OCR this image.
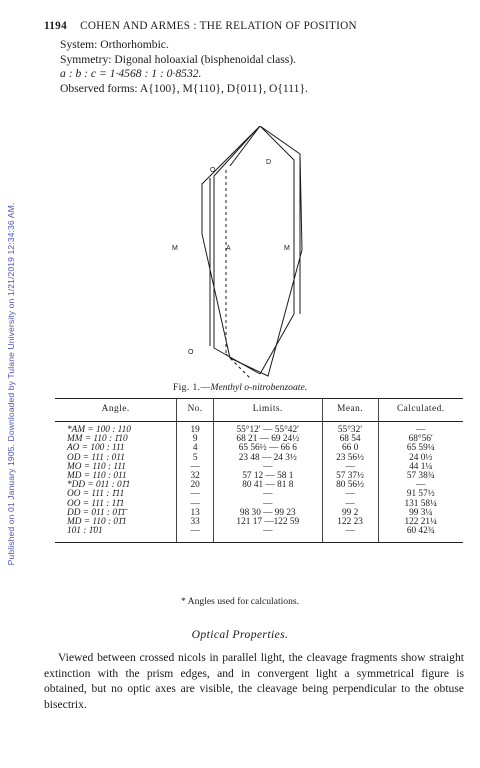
Published on 01 January 1905. Downloaded by Tulane University on 1/21/2019 12:34:36 AM.
1194 COHEN AND ARMES : THE RELATION OF POSITION
System: Orthorhombic.
Symmetry: Digonal holoaxial (bisphenoidal class).
a : b : c = 1·4568 : 1 : 0·8532.
Observed forms: A{100}, M{110}, D{011}, O{111}.
O
D
M	A	M
O
Fig. 1.—Menthyl o-nitrobenzoate.
Angle.	No.	Limits.	Mean.	Calculated.
*AM = 100 : 110	19	55°12′ — 55°42′	55°32′	—
MM = 110 : 1̄10	9	68 21 — 69 24½	68 54	68°56′
AO = 100 : 111	4	65 56½ — 66 6	66 0	65 59¼
OD = 111 : 011	5	23 48 — 24 3½	23 56½	24 0½
MO = 110 : 111	—	—	—	44 1¼
MD = 110 : 011	32	57 12 — 58 1	57 37½	57 38¾
*DD = 011 : 01̄1	20	80 41 — 81 8	80 56½	—
OO = 111 : 1̄11	—	—	—	91 57½
OO = 111 : 11̄1	—	—	—	131 58¼
DD = 011 : 01̄1̄	13	98 30 — 99 23	99 2	99 3¼
MD = 110 : 01̄1	33	121 17 —122 59	122 23	122 21¼
101 : 1̄01	—	—	—	60 42¾
* Angles used for calculations.
Optical Properties.
Viewed between crossed nicols in parallel light, the cleavage fragments show straight extinction with the prism edges, and in convergent light a symmetrical figure is obtained, but no optic axes are visible, the cleavage being perpendicular to the obtuse bisectrix.
